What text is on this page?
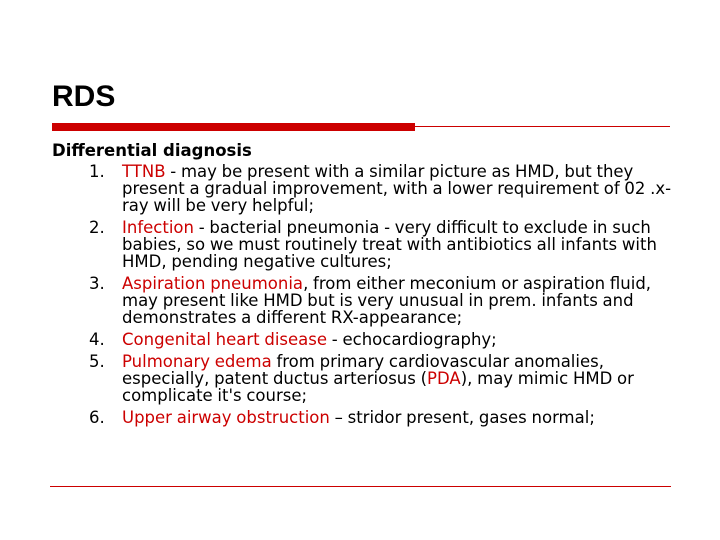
RDS
Differential diagnosis
1.	TTNB - may be present with a similar picture as HMD, but they present a gradual improvement, with a lower requirement of 02 .x-ray will be very helpful;
2.	Infection - bacterial pneumonia - very difficult to exclude in such babies, so we must routinely treat with antibiotics all infants with HMD, pending negative cultures;
3.	Aspiration pneumonia, from either meconium or aspiration fluid, may present like HMD but is very unusual in prem. infants and demonstrates a different RX-appearance;
4.	Congenital heart disease - echocardiography;
5.	Pulmonary edema from primary cardiovascular anomalies, especially, patent ductus arteriosus (PDA), may mimic HMD or complicate it's course;
6.	Upper airway obstruction – stridor present, gases normal;
